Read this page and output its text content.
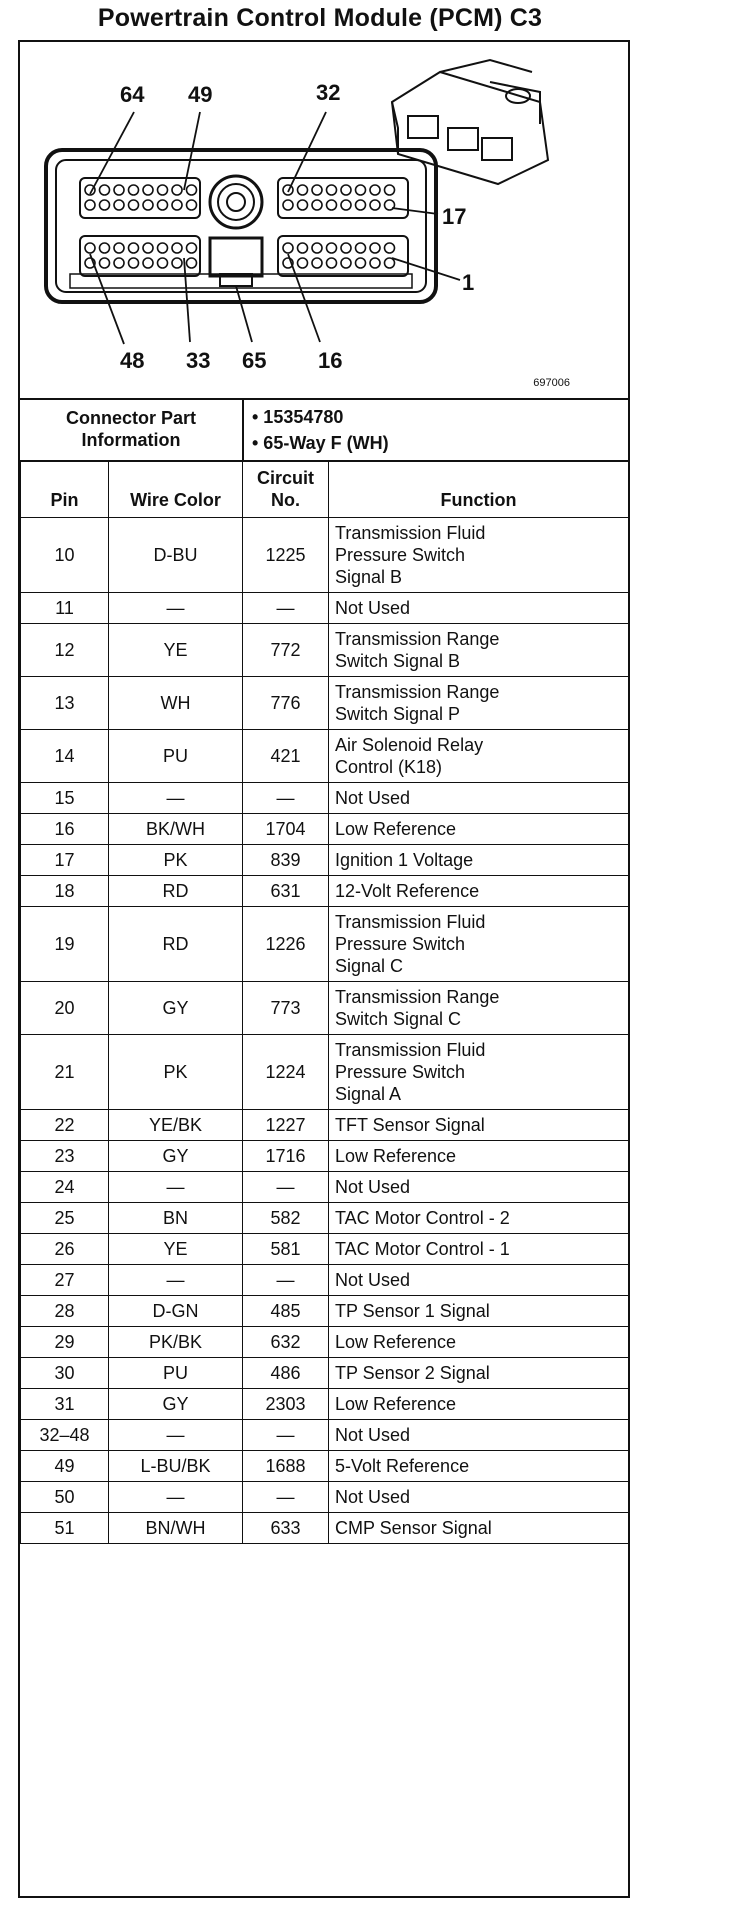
Powertrain Control Module (PCM) C3
64 49	32
17
1
48 33 65 16
697006
Connector Part
Information
• 15354780
• 65-Way F (WH)
Pin	Wire Color	Circuit
No.	Function
10	D-BU	1225	Transmission Fluid
Pressure Switch
Signal B

11	—	—	Not Used

12	YE	772	Transmission Range
Switch Signal B

13	WH	776	Transmission Range
Switch Signal P

14	PU	421	Air Solenoid Relay
Control (K18)

15	—	—	Not Used

16	BK/WH	1704	Low Reference

17	PK	839	Ignition 1 Voltage

18	RD	631	12-Volt Reference

19	RD	1226	Transmission Fluid
Pressure Switch
Signal C

20	GY	773	Transmission Range
Switch Signal C

21	PK	1224	Transmission Fluid
Pressure Switch
Signal A

22	YE/BK	1227	TFT Sensor Signal

23	GY	1716	Low Reference

24	—	—	Not Used

25	BN	582	TAC Motor Control - 2

26	YE	581	TAC Motor Control - 1

27	—	—	Not Used

28	D-GN	485	TP Sensor 1 Signal

29	PK/BK	632	Low Reference

30	PU	486	TP Sensor 2 Signal

31	GY	2303	Low Reference

32–48	—	—	Not Used

49	L-BU/BK	1688	5-Volt Reference

50	—	—	Not Used

51	BN/WH	633	CMP Sensor Signal
